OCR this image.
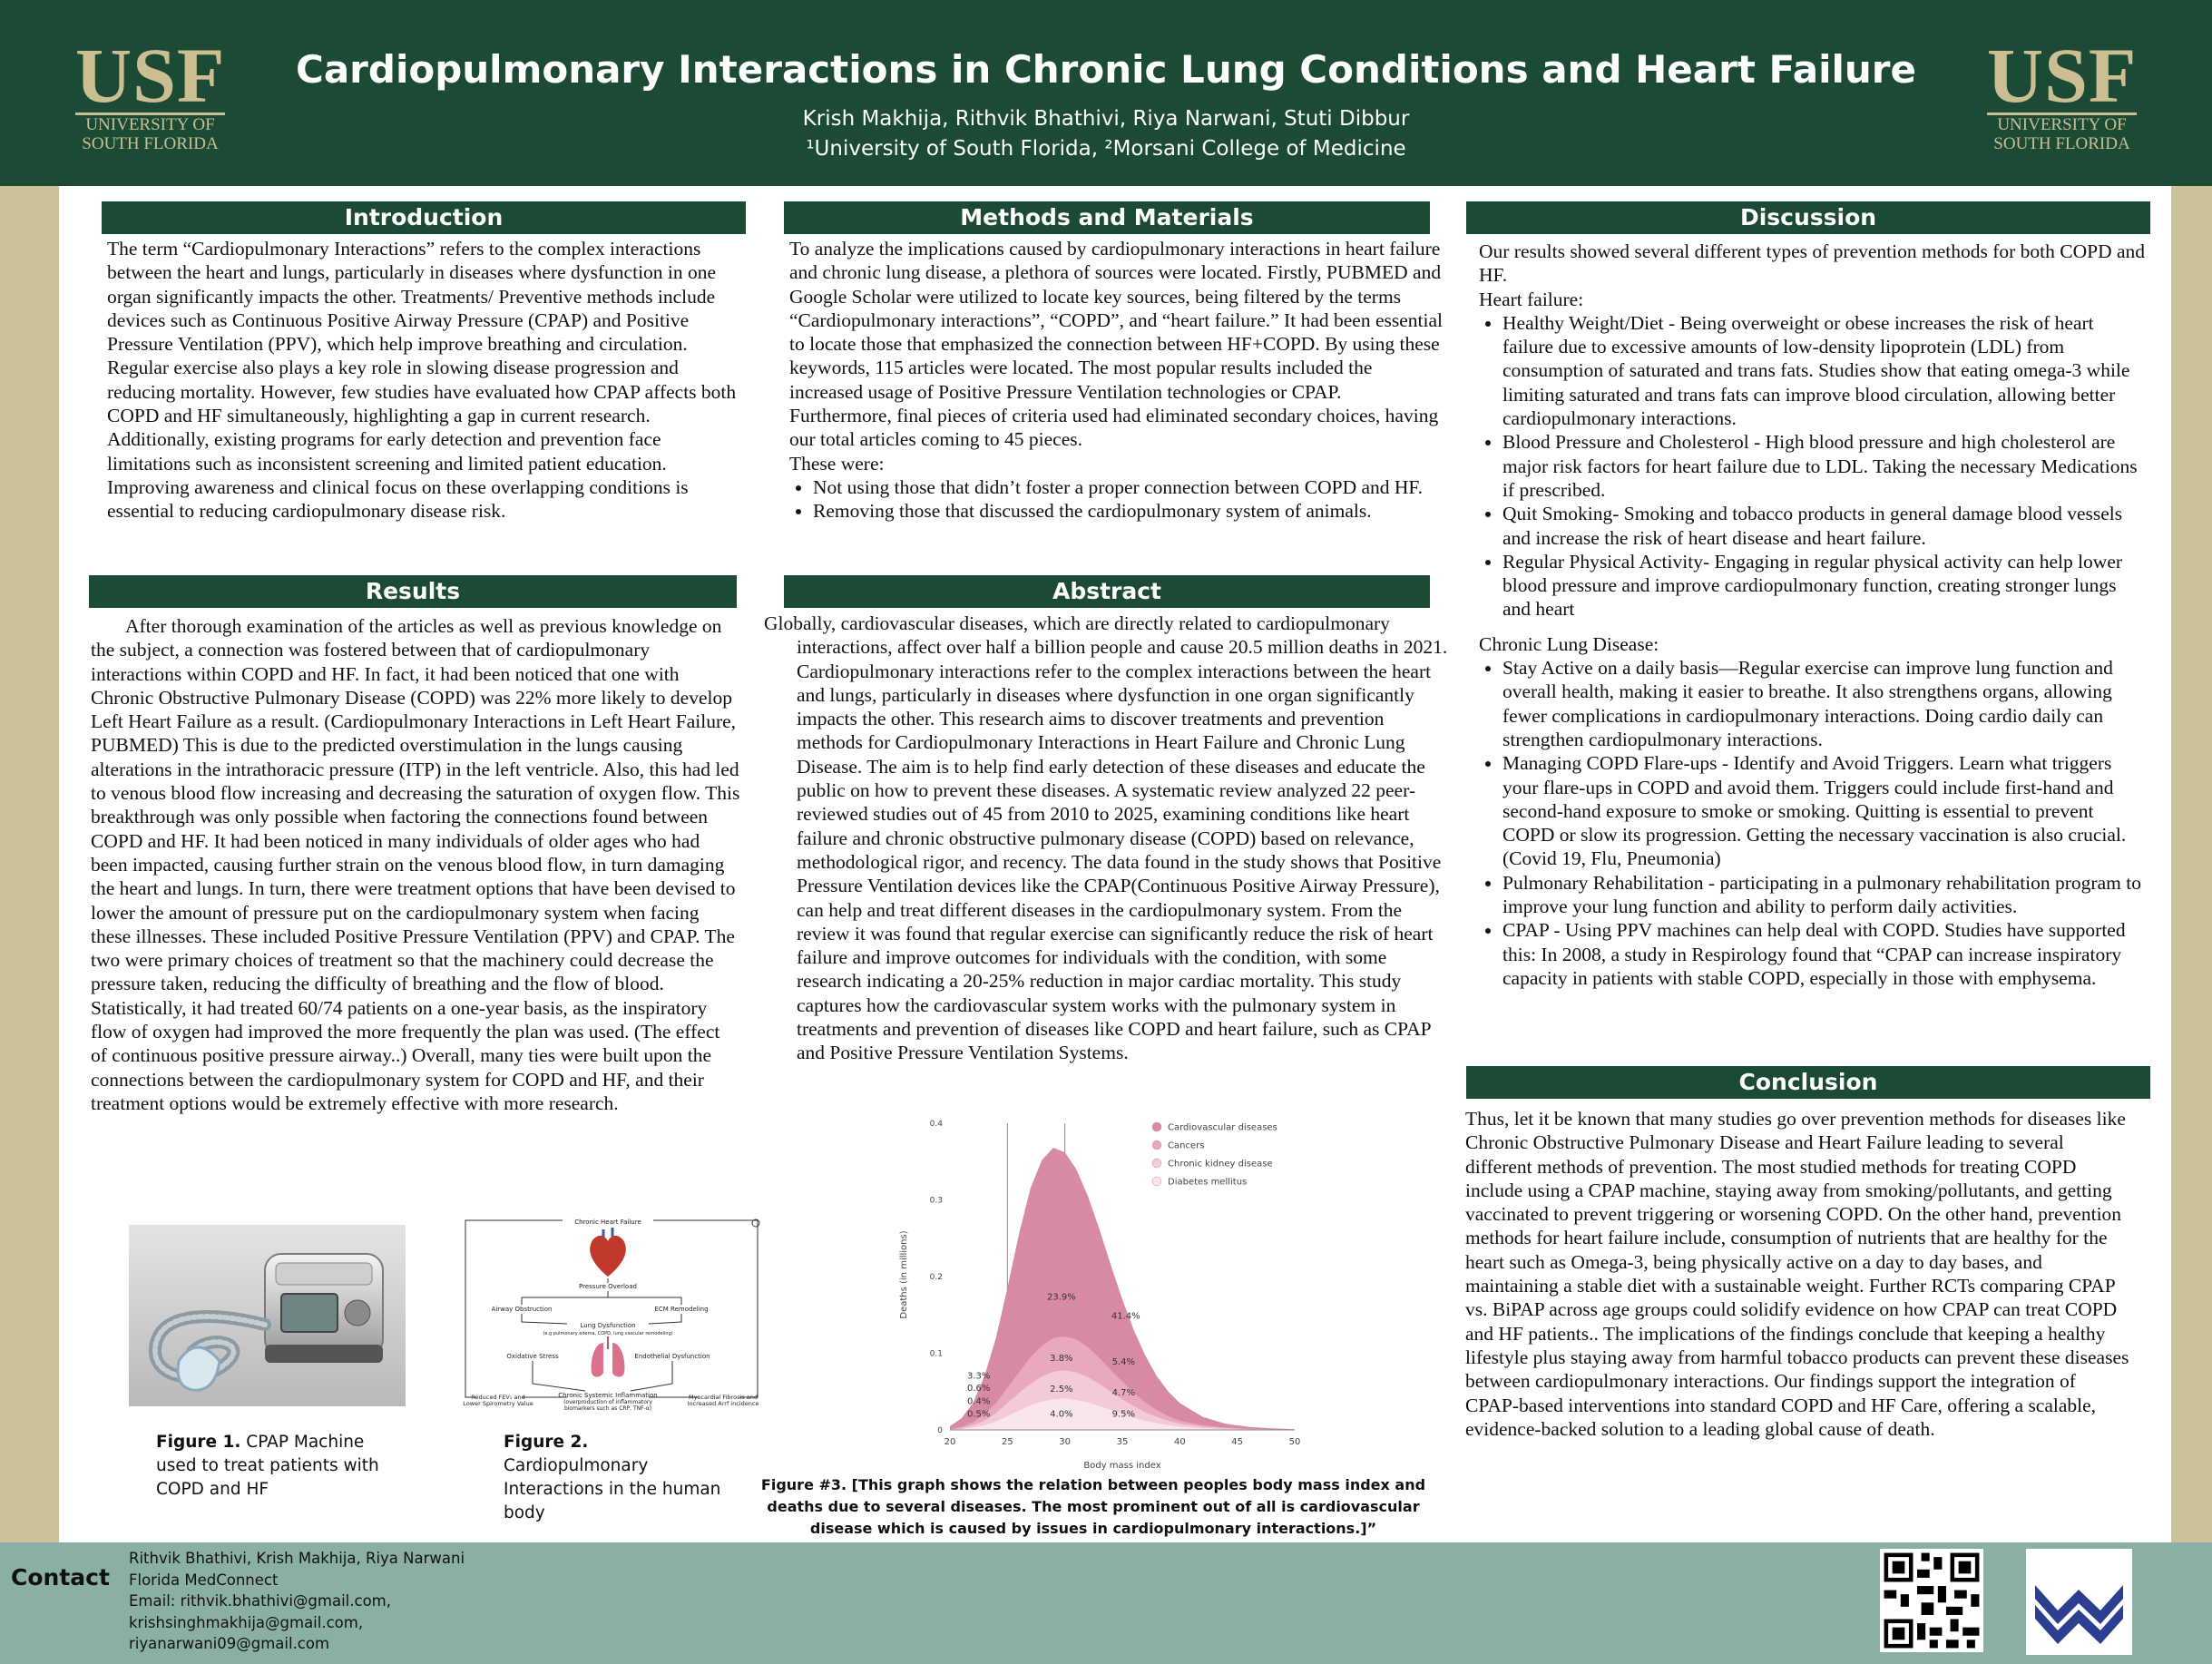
USF
UNIVERSITY OF
SOUTH FLORIDA
Cardiopulmonary Interactions in Chronic Lung Conditions and Heart Failure
Krish Makhija, Rithvik Bhathivi, Riya Narwani, Stuti Dibbur
¹University of South Florida, ²Morsani College of Medicine
USF
UNIVERSITY OF
SOUTH FLORIDA
Introduction

The term “Cardiopulmonary Interactions” refers to the complex interactions between the heart and lungs, particularly in diseases where dysfunction in one organ significantly impacts the other. Treatments/ Preventive methods include devices such as Continuous Positive Airway Pressure (CPAP) and Positive Pressure Ventilation (PPV), which help improve breathing and circulation. Regular exercise also plays a key role in slowing disease progression and reducing mortality. However, few studies have evaluated how CPAP affects both COPD and HF simultaneously, highlighting a gap in current research. Additionally, existing programs for early detection and prevention face limitations such as inconsistent screening and limited patient education. Improving awareness and clinical focus on these overlapping conditions is essential to reducing cardiopulmonary disease risk.

Methods and Materials

To analyze the implications caused by cardiopulmonary interactions in heart failure and chronic lung disease, a plethora of sources were located. Firstly, PUBMED and Google Scholar were utilized to locate key sources, being filtered by the terms “Cardiopulmonary interactions”, “COPD”, and “heart failure.” It had been essential to locate those that emphasized the connection between HF+COPD. By using these keywords, 115 articles were located. The most popular results included the increased usage of Positive Pressure Ventilation technologies or CPAP. Furthermore, final pieces of criteria used had eliminated secondary choices, having our total articles coming to 45 pieces.

These were:

• Not using those that didn’t foster a proper connection between COPD and HF.
• Removing those that discussed the cardiopulmonary system of animals.
Discussion

Our results showed several different types of prevention methods for both COPD and HF.

Heart failure:

• Healthy Weight/Diet - Being overweight or obese increases the risk of heart failure due to excessive amounts of low-density lipoprotein (LDL) from consumption of saturated and trans fats. Studies show that eating omega-3 while limiting saturated and trans fats can improve blood circulation, allowing better cardiopulmonary interactions.
• Blood Pressure and Cholesterol - High blood pressure and high cholesterol are major risk factors for heart failure due to LDL. Taking the necessary Medications if prescribed.
• Quit Smoking- Smoking and tobacco products in general damage blood vessels and increase the risk of heart disease and heart failure.
• Regular Physical Activity- Engaging in regular physical activity can help lower blood pressure and improve cardiopulmonary function, creating stronger lungs and heart

Chronic Lung Disease:

• Stay Active on a daily basis—Regular exercise can improve lung function and overall health, making it easier to breathe. It also strengthens organs, allowing fewer complications in cardiopulmonary interactions. Doing cardio daily can strengthen cardiopulmonary interactions.
• Managing COPD Flare-ups - Identify and Avoid Triggers. Learn what triggers your flare-ups in COPD and avoid them. Triggers could include first-hand and second-hand exposure to smoke or smoking. Quitting is essential to prevent COPD or slow its progression. Getting the necessary vaccination is also crucial. (Covid 19, Flu, Pneumonia)
• Pulmonary Rehabilitation - participating in a pulmonary rehabilitation program to improve your lung function and ability to perform daily activities.
• CPAP - Using PPV machines can help deal with COPD. Studies have supported this: In 2008, a study in Respirology found that “CPAP can increase inspiratory capacity in patients with stable COPD, especially in those with emphysema.
Results

After thorough examination of the articles as well as previous knowledge on the subject, a connection was fostered between that of cardiopulmonary interactions within COPD and HF. In fact, it had been noticed that one with Chronic Obstructive Pulmonary Disease (COPD) was 22% more likely to develop Left Heart Failure as a result. (Cardiopulmonary Interactions in Left Heart Failure, PUBMED) This is due to the predicted overstimulation in the lungs causing alterations in the intrathoracic pressure (ITP) in the left ventricle. Also, this had led to venous blood flow increasing and decreasing the saturation of oxygen flow. This breakthrough was only possible when factoring the connections found between COPD and HF. It had been noticed in many individuals of older ages who had been impacted, causing further strain on the venous blood flow, in turn damaging the heart and lungs. In turn, there were treatment options that have been devised to lower the amount of pressure put on the cardiopulmonary system when facing these illnesses. These included Positive Pressure Ventilation (PPV) and CPAP. The two were primary choices of treatment so that the machinery could decrease the pressure taken, reducing the difficulty of breathing and the flow of blood. Statistically, it had treated 60/74 patients on a one-year basis, as the inspiratory flow of oxygen had improved the more frequently the plan was used. (The effect of continuous positive pressure airway..) Overall, many ties were built upon the connections between the cardiopulmonary system for COPD and HF, and their treatment options would be extremely effective with more research.

Abstract

Globally, cardiovascular diseases, which are directly related to cardiopulmonary interactions, affect over half a billion people and cause 20.5 million deaths in 2021. Cardiopulmonary interactions refer to the complex interactions between the heart and lungs, particularly in diseases where dysfunction in one organ significantly impacts the other. This research aims to discover treatments and prevention methods for Cardiopulmonary Interactions in Heart Failure and Chronic Lung Disease. The aim is to help find early detection of these diseases and educate the public on how to prevent these diseases. A systematic review analyzed 22 peer-reviewed studies out of 45 from 2010 to 2025, examining conditions like heart failure and chronic obstructive pulmonary disease (COPD) based on relevance, methodological rigor, and recency. The data found in the study shows that Positive Pressure Ventilation devices like the CPAP(Continuous Positive Airway Pressure), can help and treat different diseases in the cardiopulmonary system. From the review it was found that regular exercise can significantly reduce the risk of heart failure and improve outcomes for individuals with the condition, with some research indicating a 20-25% reduction in major cardiac mortality. This study captures how the cardiovascular system works with the pulmonary system in treatments and prevention of diseases like COPD and heart failure, such as CPAP and Positive Pressure Ventilation Systems.

Conclusion

Thus, let it be known that many studies go over prevention methods for diseases like Chronic Obstructive Pulmonary Disease and Heart Failure leading to several different methods of prevention. The most studied methods for treating COPD include using a CPAP machine, staying away from smoking/pollutants, and getting vaccinated to prevent triggering or worsening COPD. On the other hand, prevention methods for heart failure include, consumption of nutrients that are healthy for the heart such as Omega-3, being physically active on a day to day bases, and maintaining a stable diet with a sustainable weight. Further RCTs comparing CPAP vs. BiPAP across age groups could solidify evidence on how CPAP can treat COPD and HF patients.. The implications of the findings conclude that keeping a healthy lifestyle plus staying away from harmful tobacco products can prevent these diseases between cardiopulmonary interactions. Our findings support the integration of CPAP-based interventions into standard COPD and HF Care, offering a scalable, evidence-backed solution to a leading global cause of death.

Figure 1. CPAP Machine used to treat patients with COPD and HF
Chronic Heart Failure
Pressure Overload
Airway Obstruction	ECM Remodeling
Lung Dysfunction
(e.g pulmonary edema, COPD, lung vascular remodeling)
Oxidative Stress	Endothelial Dysfunction
Chronic Systemic Inflammation
(overproduction of inflammatory
biomarkers such as CRP, TNF-α)
Reduced FEV₁ and
Lower Spirometry Value
Myocardial Fibrosis and
Increased Arrf incidence
Figure 2. Cardiopulmonary Interactions in the human body
20	25	30	35	40	45	50
0
0.1
0.2
0.3
0.4
23.9%
41.4%
3.8%	5.4%
2.5%	4.7%
4.0%	9.5%
3.3%
0.6%
0.4%
0.5%
Cardiovascular diseases
Cancers
Chronic kidney disease
Diabetes mellitus
Body mass index
Deaths (in millions)
Figure #3. [This graph shows the relation between peoples body mass index and deaths due to several diseases. The most prominent out of all is cardiovascular disease which is caused by issues in cardiopulmonary interactions.]”
Contact
Rithvik Bhathivi, Krish Makhija, Riya Narwani
Florida MedConnect
Email: rithvik.bhathivi@gmail.com,
krishsinghmakhija@gmail.com,
riyanarwani09@gmail.com
